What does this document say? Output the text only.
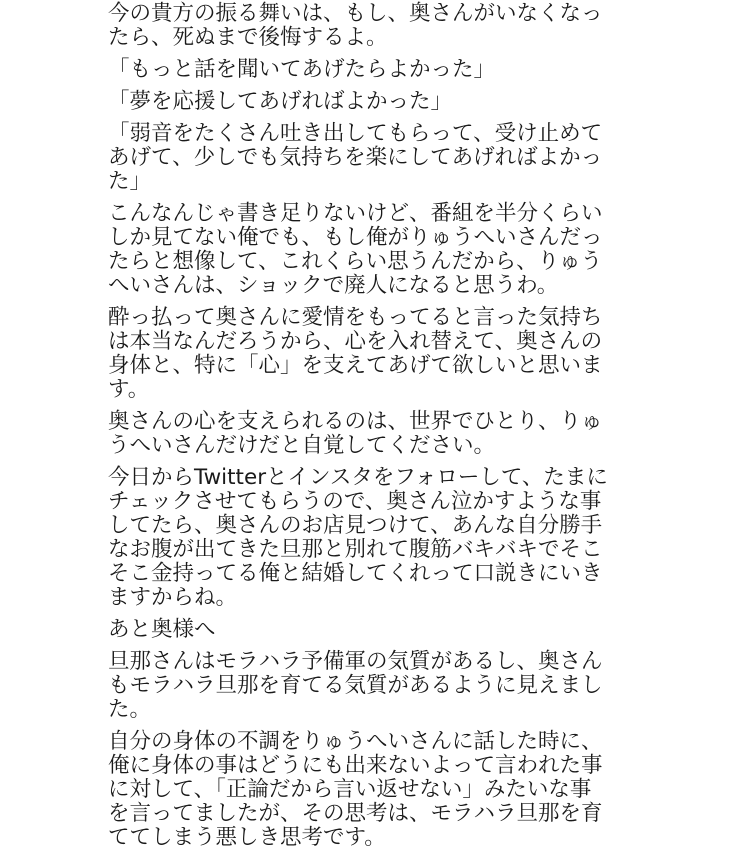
今の貴方の振る舞いは、もし、奥さんがいなくなっ
たら、死ぬまで後悔するよ。
「もっと話を聞いてあげたらよかった」
「夢を応援してあげればよかった」
「弱音をたくさん吐き出してもらって、受け止めて
あげて、少しでも気持ちを楽にしてあげればよかっ
た」
こんなんじゃ書き足りないけど、番組を半分くらい
しか見てない俺でも、もし俺がりゅうへいさんだっ
たらと想像して、これくらい思うんだから、りゅう
へいさんは、ショックで廃人になると思うわ。
酔っ払って奥さんに愛情をもってると言った気持ち
は本当なんだろうから、心を入れ替えて、奥さんの
身体と、特に「心」を支えてあげて欲しいと思いま
す。
奥さんの心を支えられるのは、世界でひとり、りゅ
うへいさんだけだと自覚してください。
今日からTwitterとインスタをフォローして、たまに
チェックさせてもらうので、奥さん泣かすような事
してたら、奥さんのお店見つけて、あんな自分勝手
なお腹が出てきた旦那と別れて腹筋バキバキでそこ
そこ金持ってる俺と結婚してくれって口説きにいき
ますからね。
あと奥様へ
旦那さんはモラハラ予備軍の気質があるし、奥さん
もモラハラ旦那を育てる気質があるように見えまし
た。
自分の身体の不調をりゅうへいさんに話した時に、
俺に身体の事はどうにも出来ないよって言われた事
に対して、「正論だから言い返せない」みたいな事
を言ってましたが、その思考は、モラハラ旦那を育
ててしまう悪しき思考です。
